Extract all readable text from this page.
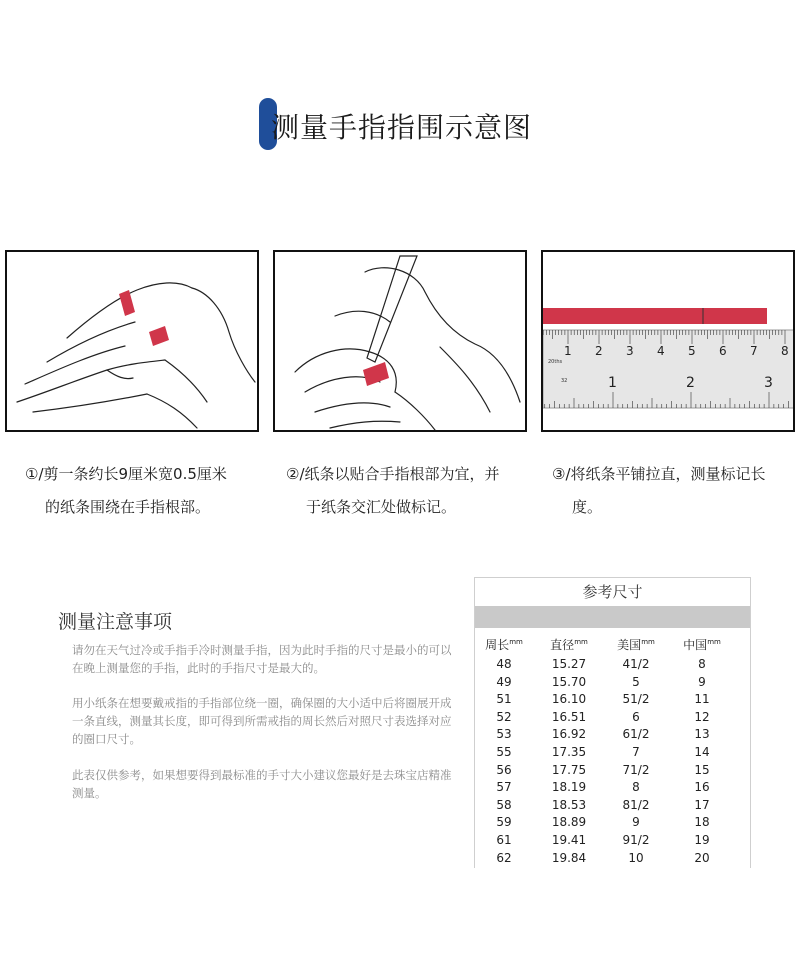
测量手指指围示意图
1 2 3 4 5 6 7 8
1	2	3
20ths
32
①/剪一条约长9厘米宽0.5厘米
的纸条围绕在手指根部。
②/纸条以贴合手指根部为宜，并
于纸条交汇处做标记。
③/将纸条平铺拉直，测量标记长
度。
测量注意事项
请勿在天气过冷或手指手冷时测量手指，因为此时手指的尺寸是最小的可以在晚上测量您的手指，此时的手指尺寸是最大的。
用小纸条在想要戴戒指的手指部位绕一圈，确保圈的大小适中后将圈展开成一条直线，测量其长度，即可得到所需戒指的周长然后对照尺寸表选择对应的圈口尺寸。
此表仅供参考，如果想要得到最标准的手寸大小建议您最好是去珠宝店精准测量。
参考尺寸
周长$^{mm}$	直径$^{mm}$	美国$^{mm}$	中国$^{mm}$
48	15.27	41/2	8
49	15.70	5	9
51	16.10	51/2	11
52	16.51	6	12
53	16.92	61/2	13
55	17.35	7	14
56	17.75	71/2	15
57	18.19	8	16
58	18.53	81/2	17
59	18.89	9	18
61	19.41	91/2	19
62	19.84	10	20
